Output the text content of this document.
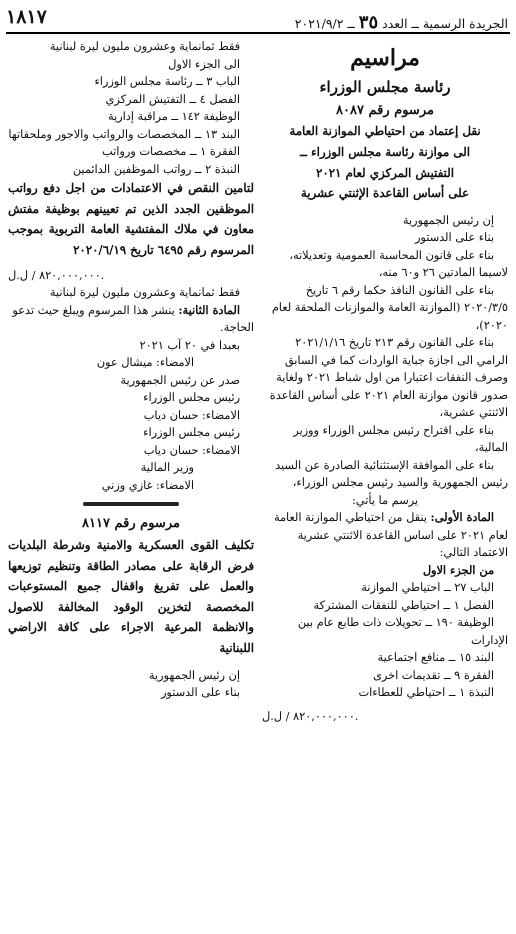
١٨١٧	الجريدة الرسمية ــ العدد ٣٥ ــ ٢٠٢١/٩/٢

مراسيم

رئاسة مجلس الوزراء

مرسوم رقم ٨٠٨٧

نقل إعتماد من احتياطي الموازنة العامة

الى موازنة رئاسة مجلس الوزراء ــ

التفتيش المركزي لعام ٢٠٢١

على أساس القاعدة الإثنتي عشرية

إن رئيس الجمهورية

بناء على الدستور

بناء على قانون المحاسبة العمومية وتعديلاته، لاسيما المادتين ٢٦ و٦٠ منه،

بناء على القانون النافذ حكما رقم ٦ تاريخ ٢٠٢٠/٣/٥ (الموازنة العامة والموازنات الملحقة لعام ٢٠٢٠)،

بناء على القانون رقم ٢١٣ تاريخ ٢٠٢١/١/١٦ الرامي الى اجازة جباية الواردات كما في السابق وصرف النفقات اعتبارا من اول شباط ٢٠٢١ ولغاية صدور قانون موازنة العام ٢٠٢١ على أساس القاعدة الاثنتي عشرية،

بناء على اقتراح رئيس مجلس الوزراء ووزير المالية،

بناء على الموافقة الإستثنائية الصادرة عن السيد رئيس الجمهورية والسيد رئيس مجلس الوزراء،

يرسم ما يأتي:

المادة الأولى: ينقل من احتياطي الموازنة العامة لعام ٢٠٢١ على اساس القاعدة الاثنتي عشرية الاعتماد التالي:

من الجزء الاول

الباب ٢٧ ــ احتياطي الموازنة

الفصل ١ ــ احتياطي للنفقات المشتركة

الوظيفة ١٩٠ ــ تحويلات ذات طابع عام بين الإدارات

البند ١٥ ــ منافع اجتماعية

الفقرة ٩ ــ تقديمات اخرى

النبذة ١ ــ احتياطي للعطاءات

٨٢٠,٠٠٠,٠٠٠ / ل.ل.

فقط ثمانماية وعشرون مليون ليرة لبنانية

الى الجزء الاول

الباب ٣ ــ رئاسة مجلس الوزراء

الفصل ٤ ــ التفتيش المركزي

الوظيفة ١٤٢ ــ مراقبة إدارية

البند ١٣ ــ المخصصات والرواتب والاجور وملحقاتها

الفقرة ١ ــ مخصصات ورواتب

النبذة ٢ ــ رواتب الموظفين الدائمين

لتامين النقص في الاعتمادات من اجل دفع رواتب الموظفين الجدد الذين تم تعيينهم بوظيفة مفتش معاون في ملاك المفتشية العامة التربوية بموجب المرسوم رقم ٦٤٩٥ تاريخ ٢٠٢٠/٦/١٩

٨٢٠,٠٠٠,٠٠٠ / ل.ل.

فقط ثمانماية وعشرون مليون ليرة لبنانية

المادة الثانية: ينشر هذا المرسوم ويبلغ حيث تدعو الحاجة.

بعبدا في ٢٠ آب ٢٠٢١

الامضاء: ميشال عون

صدر عن رئيس الجمهورية

رئيس مجلس الوزراء

الامضاء: حسان دياب

رئيس مجلس الوزراء

الامضاء: حسان دياب

وزير المالية

الامضاء: غازي وزني

مرسوم رقم ٨١١٧

تكليف القوى العسكرية والامنية وشرطة البلديات فرض الرقابة على مصادر الطاقة وتنظيم توزيعها والعمل على تفريغ واقفال جميع المستوعبات المخصصة لتخزين الوقود المخالفة للاصول والانظمة المرعية الاجراء على كافة الاراضي اللبنانية

إن رئيس الجمهورية

بناء على الدستور
